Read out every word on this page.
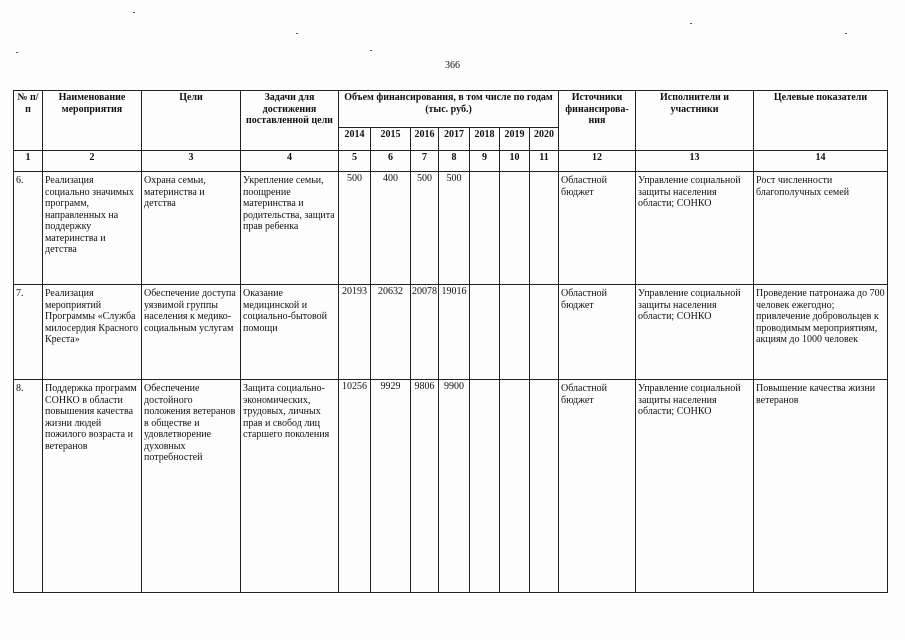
366
№ п/п	Наименование мероприятия	Цели	Задачи для достижения поставленной цели	Объем финансирования, в том числе по годам (тыс. руб.)							Источники финансирова-ния	Исполнители и участники	Целевые показатели
				2014	2015	2016	2017	2018	2019	2020			
1	2	3	4	5	6	7	8	9	10	11	12	13	14
6.	Реализация социально значимых программ, направленных на поддержку материнства и детства	Охрана семьи, материнства и детства	Укрепление семьи, поощрение материнства и родительства, защита прав ребенка	500	400	500	500				Областной бюджет	Управление социальной защиты населения области; СОНКО	Рост численности благополучных семей
7.	Реализация мероприятий Программы «Служба милосердия Красного Креста»	Обеспечение доступа уязвимой группы населения к медико-социальным услугам	Оказание медицинской и социально-бытовой помощи	20193	20632	20078	19016				Областной бюджет	Управление социальной защиты населения области; СОНКО	Проведение патронажа до 700 человек ежегодно; привлечение добровольцев к проводимым мероприятиям, акциям до 1000 человек
8.	Поддержка программ СОНКО в области повышения качества жизни людей пожилого возраста и ветеранов	Обеспечение достойного положения ветеранов в обществе и удовлетворение духовных потребностей	Защита социально-экономических, трудовых, личных прав и свобод лиц старшего поколения	10256	9929	9806	9900				Областной бюджет	Управление социальной защиты населения области; СОНКО	Повышение качества жизни ветеранов
